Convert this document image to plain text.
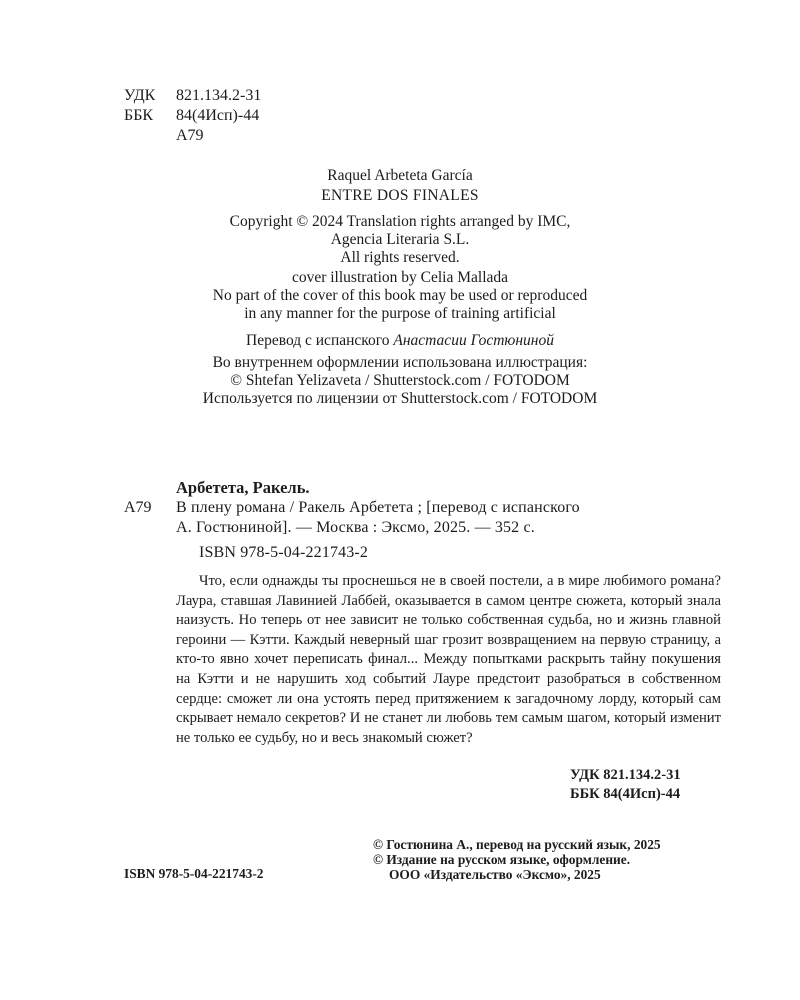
УДК 821.134.2-31
ББК 84(4Исп)-44
А79
Raquel Arbeteta García
ENTRE DOS FINALES
Copyright © 2024 Translation rights arranged by IMC,
Agencia Literaria S.L.
All rights reserved.
cover illustration by Celia Mallada
No part of the cover of this book may be used or reproduced
in any manner for the purpose of training artificial
Перевод с испанского Анастасии Гостюниной
Во внутреннем оформлении использована иллюстрация:
© Shtefan Yelizaveta / Shutterstock.com / FOTODOM
Используется по лицензии от Shutterstock.com / FOTODOM
Арбетета, Ракель.
А79 В плену романа / Ракель Арбетета ; [перевод с испанского
А. Гостюниной]. — Москва : Эксмо, 2025. — 352 с.
ISBN 978-5-04-221743-2

Что, если однажды ты проснешься не в своей постели, а в мире любимого романа? Лаура, ставшая Лавинией Лаббей, оказывается в самом центре сюжета, который знала наизусть. Но теперь от нее зависит не только собственная судьба, но и жизнь главной героини — Кэтти. Каждый неверный шаг грозит возвращением на первую страницу, а кто-то явно хочет переписать финал... Между попытками раскрыть тайну покушения на Кэтти и не нарушить ход событий Лауре предстоит разобраться в собственном сердце: сможет ли она устоять перед притяжением к загадочному лорду, который сам скрывает немало секретов? И не станет ли любовь тем самым шагом, который изменит не только ее судьбу, но и весь знакомый сюжет?

УДК 821.134.2-31
ББК 84(4Исп)-44
© Гостюнина А., перевод на русский язык, 2025
© Издание на русском языке, оформление.
ООО «Издательство «Эксмо», 2025
ISBN 978-5-04-221743-2
